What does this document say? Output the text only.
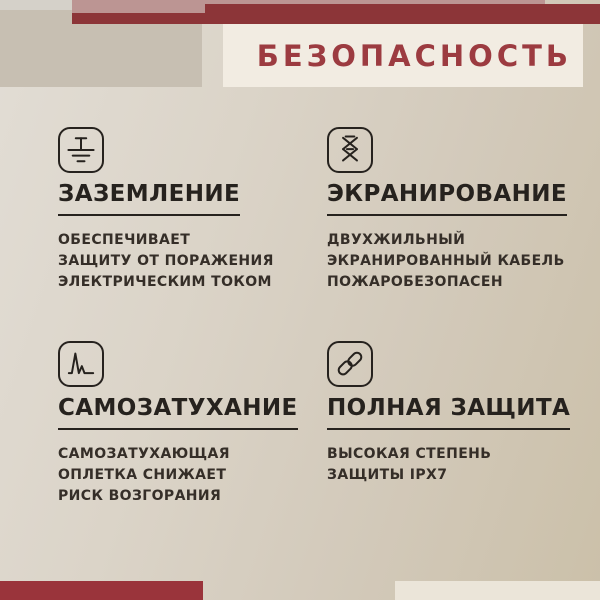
БЕЗОПАСНОСТЬ
ЗАЗЕМЛЕНИЕ
ОБЕСПЕЧИВАЕТ
ЗАЩИТУ ОТ ПОРАЖЕНИЯ
ЭЛЕКТРИЧЕСКИМ ТОКОМ
ЭКРАНИРОВАНИЕ
ДВУХЖИЛЬНЫЙ
ЭКРАНИРОВАННЫЙ КАБЕЛЬ
ПОЖАРОБЕЗОПАСЕН
САМОЗАТУХАНИЕ
САМОЗАТУХАЮЩАЯ
ОПЛЕТКА СНИЖАЕТ
РИСК ВОЗГОРАНИЯ
ПОЛНАЯ ЗАЩИТА
ВЫСОКАЯ СТЕПЕНЬ
ЗАЩИТЫ IPX7
